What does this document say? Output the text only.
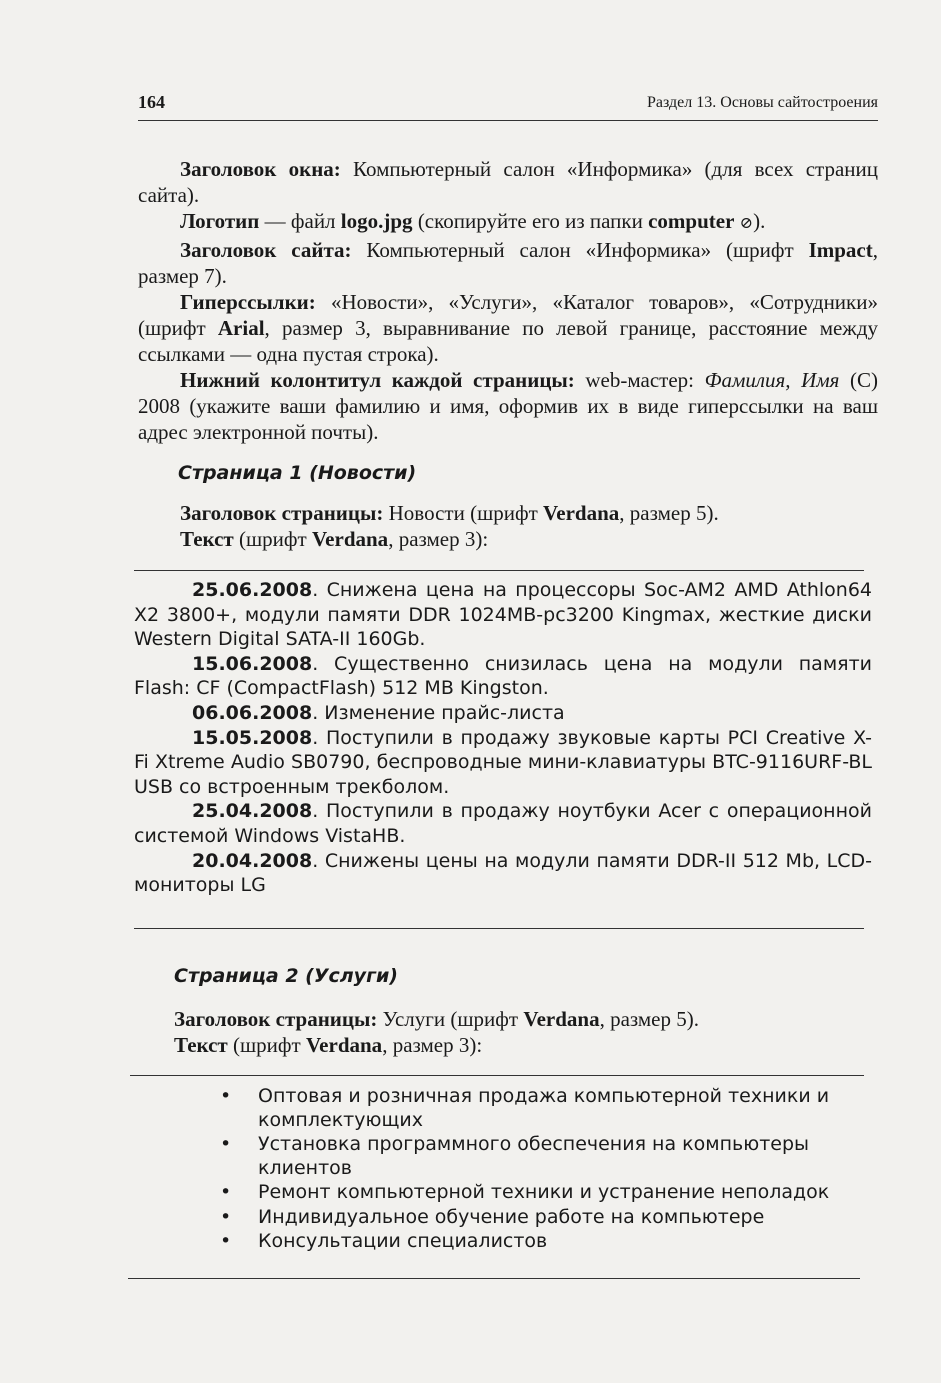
164	Раздел 13. Основы сайтостроения

Заголовок окна: Компьютерный салон «Информика» (для всех страниц сайта).

Логотип — файл logo.jpg (скопируйте его из папки computer ⊘).

Заголовок сайта: Компьютерный салон «Информика» (шрифт Impact, размер 7).

Гиперссылки: «Новости», «Услуги», «Каталог товаров», «Сотрудники» (шрифт Arial, размер 3, выравнивание по левой границе, расстояние между ссылками — одна пустая строка).

Нижний колонтитул каждой страницы: web-мастер: Фамилия, Имя (С) 2008 (укажите ваши фамилию и имя, оформив их в виде гиперссылки на ваш адрес электронной почты).

Страница 1 (Новости)
Заголовок страницы: Новости (шрифт Verdana, размер 5).
Текст (шрифт Verdana, размер 3):

25.06.2008. Снижена цена на процессоры Soc-AM2 AMD Athlon64 X2 3800+, модули памяти DDR 1024MB-pc3200 Kingmax, жесткие диски Western Digital SATA-II 160Gb.

15.06.2008. Существенно снизилась цена на модули памяти Flash: CF (CompactFlash) 512 MB Kingston.

06.06.2008. Изменение прайс-листа

15.05.2008. Поступили в продажу звуковые карты PCI Creative X-Fi Xtreme Audio SB0790, беспроводные мини-клавиатуры BTC-9116URF-BL USB со встроенным трекболом.

25.04.2008. Поступили в продажу ноутбуки Acer с операционной системой Windows VistaHB.

20.04.2008. Снижены цены на модули памяти DDR-II 512 Mb, LCD-мониторы LG

Страница 2 (Услуги)
Заголовок страницы: Услуги (шрифт Verdana, размер 5).
Текст (шрифт Verdana, размер 3):
• Оптовая и розничная продажа компьютерной техники и комплектующих
• Установка программного обеспечения на компьютеры клиентов
• Ремонт компьютерной техники и устранение неполадок
• Индивидуальное обучение работе на компьютере
• Консультации специалистов
